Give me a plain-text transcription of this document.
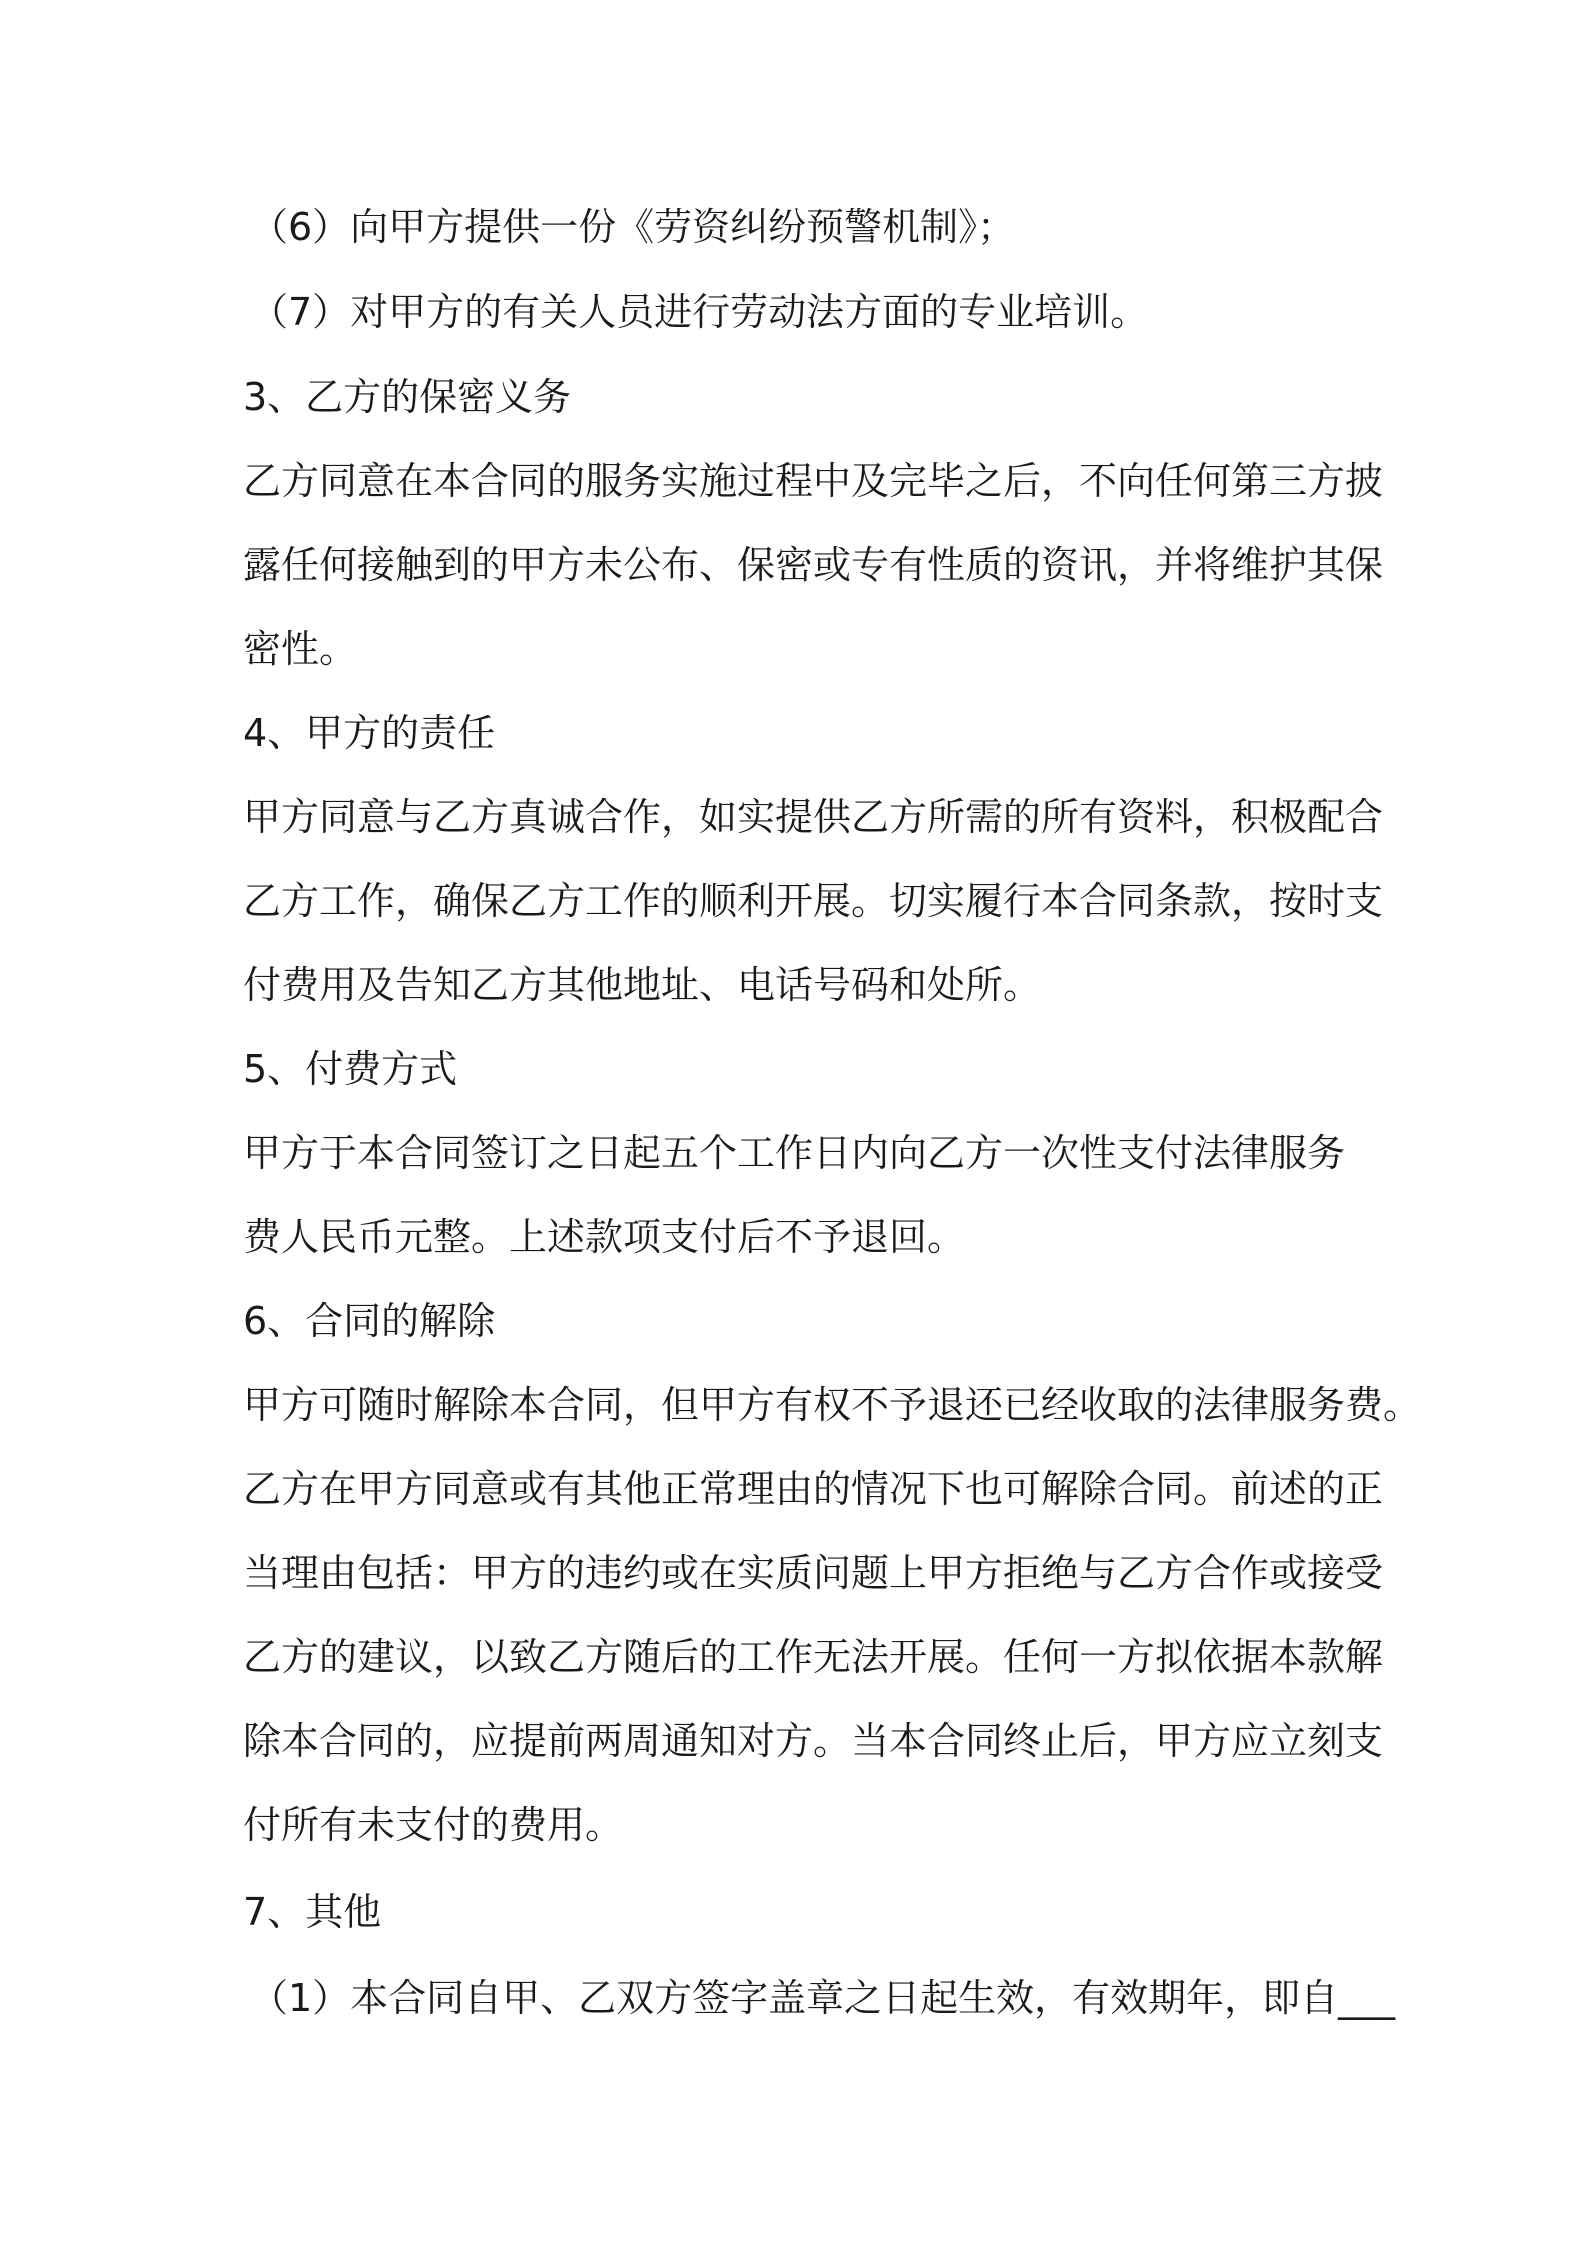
（6）向甲方提供一份《劳资纠纷预警机制》；

（7）对甲方的有关人员进行劳动法方面的专业培训。

3、乙方的保密义务

乙方同意在本合同的服务实施过程中及完毕之后，不向任何第三方披

露任何接触到的甲方未公布、保密或专有性质的资讯，并将维护其保

密性。

4、甲方的责任

甲方同意与乙方真诚合作，如实提供乙方所需的所有资料，积极配合

乙方工作，确保乙方工作的顺利开展。切实履行本合同条款，按时支

付费用及告知乙方其他地址、电话号码和处所。

5、付费方式

甲方于本合同签订之日起五个工作日内向乙方一次性支付法律服务

费人民币元整。上述款项支付后不予退回。

6、合同的解除

甲方可随时解除本合同，但甲方有权不予退还已经收取的法律服务费。

乙方在甲方同意或有其他正常理由的情况下也可解除合同。前述的正

当理由包括：甲方的违约或在实质问题上甲方拒绝与乙方合作或接受

乙方的建议，以致乙方随后的工作无法开展。任何一方拟依据本款解

除本合同的，应提前两周通知对方。当本合同终止后，甲方应立刻支

付所有未支付的费用。

7、其他

（1）本合同自甲、乙双方签字盖章之日起生效，有效期年，即自___
